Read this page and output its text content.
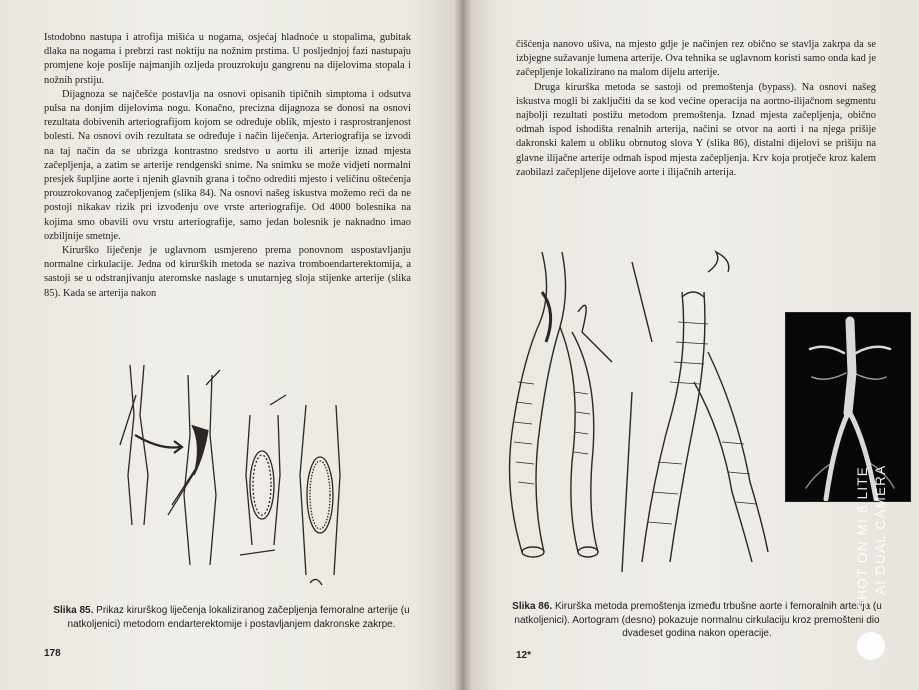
Istodobno nastupa i atrofija mišića u nogama, osjećaj hladnoće u stopalima, gubitak dlaka na nogama i prebrzi rast noktiju na nožnim prstima. U posljednjoj fazi nastupaju promjene koje poslije najmanjih ozljeda prouzrokuju gangrenu na dijelovima stopala i nožnih prstiju.

Dijagnoza se najčešće postavlja na osnovi opisanih tipičnih simptoma i odsutva pulsa na donjim dijelovima nogu. Konačno, precizna dijagnoza se donosi na osnovi rezultata dobivenih arteriografijom kojom se određuje oblik, mjesto i rasprostranjenost bolesti. Na osnovi ovih rezultata se određuje i način liječenja. Arteriografija se izvodi na taj način da se ubrizga kontrastno sredstvo u aortu ili arterije iznad mjesta začepljenja, a zatim se arterije rendgenski snime. Na snimku se može vidjeti normalni presjek šupljine aorte i njenih glavnih grana i točno odrediti mjesto i veličinu oštećenja prouzrokovanog začepljenjem (slika 84). Na osnovi našeg iskustva možemo reći da ne postoji nikakav rizik pri izvođenju ove vrste arteriografije. Od 4000 bolesnika na kojima smo obavili ovu vrstu arteriografije, samo jedan bolesnik je naknadno imao ozbiljnije smetnje.

Kirurško liječenje je uglavnom usmjereno prema ponovnom uspostavljanju normalne cirkulacije. Jedna od kirurških metoda se naziva tromboendarterektomija, a sastoji se u odstranjivanju ateromske naslage s unutarnjeg sloja stijenke arterije (slika 85). Kada se arterija nakon

Slika 85. Prikaz kirurškog liječenja lokaliziranog začepljenja femoralne arterije (u natkoljenici) metodom endarterektomije i postavljanjem dakronske zakrpe.
178

čišćenja nanovo ušiva, na mjesto gdje je načinjen rez obično se stavlja zakrpa da se izbjegne sužavanje lumena arterije. Ova tehnika se uglavnom koristi samo onda kad je začepljenje lokalizirano na malom dijelu arterije.

Druga kirurška metoda se sastoji od premoštenja (bypass). Na osnovi našeg iskustva mogli bi zaključiti da se kod većine operacija na aortno-ilijačnom segmentu najbolji rezultati postižu metodom premoštenja. Iznad mjesta začepljenja, obično odmah ispod ishodišta renalnih arterija, načini se otvor na aorti i na njega prišije dakronski kalem u obliku obrnutog slova Y (slika 86), distalni dijelovi se prišiju na glavne ilijačne arterije odmah ispod mjesta začepljenja. Krv koja protječe kroz kalem zaobilazi začepljene dijelove aorte i ilijačnih arterija.

Slika 86. Kirurška metoda premoštenja između trbušne aorte i femoralnih arterija (u natkoljenici). Aortogram (desno) pokazuje normalnu cirkulaciju kroz premošteni dio dvadeset godina nakon operacije.
12*
SHOT ON MI 8 LITE AI DUAL CAMERA
